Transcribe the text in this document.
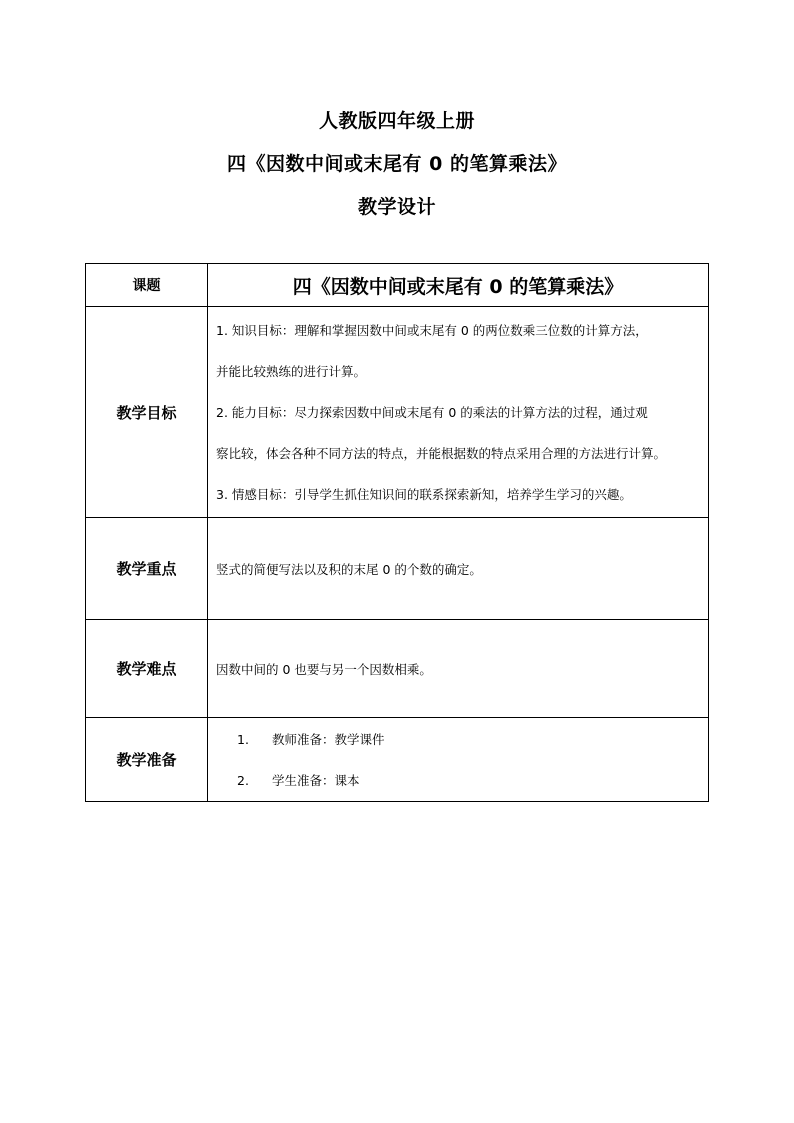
人教版四年级上册
四《因数中间或末尾有 0 的笔算乘法》
教学设计
课题	四《因数中间或末尾有 0 的笔算乘法》
教学目标	1. 知识目标：理解和掌握因数中间或末尾有 0 的两位数乘三位数的计算方法，

并能比较熟练的进行计算。

2. 能力目标：尽力探索因数中间或末尾有 0 的乘法的计算方法的过程，通过观

察比较，体会各种不同方法的特点，并能根据数的特点采用合理的方法进行计算。

3. 情感目标：引导学生抓住知识间的联系探索新知，培养学生学习的兴趣。

教学重点	竖式的简便写法以及积的末尾 0 的个数的确定。
教学难点	因数中间的 0 也要与另一个因数相乘。
教学准备	1. 教师准备：教学课件
2. 学生准备：课本
